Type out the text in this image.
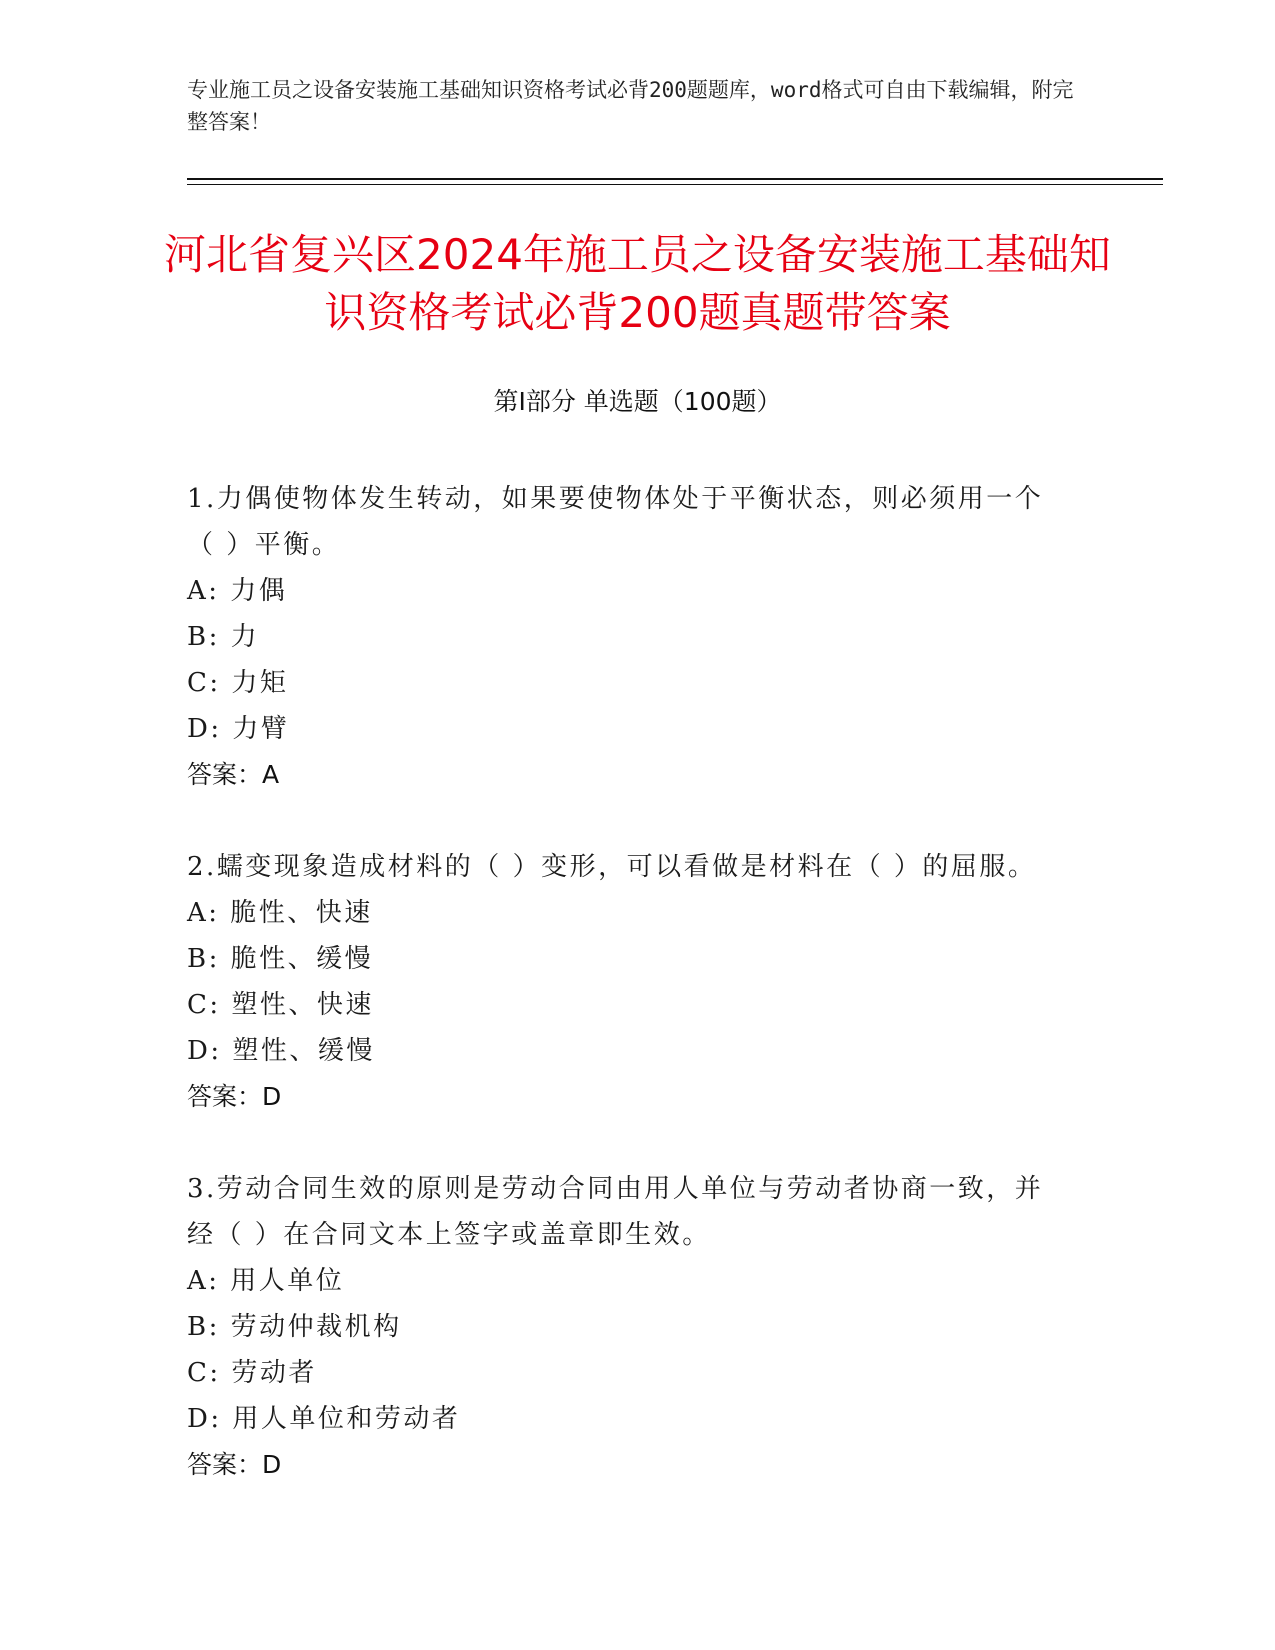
专业施工员之设备安装施工基础知识资格考试必背200题题库，word格式可自由下载编辑，附完整答案！
河北省复兴区2024年施工员之设备安装施工基础知识资格考试必背200题真题带答案
第Ⅰ部分 单选题（100题）

1.力偶使物体发生转动，如果要使物体处于平衡状态，则必须用一个（ ）平衡。

A: 力偶

B: 力

C: 力矩

D: 力臂

答案：A

2.蠕变现象造成材料的（ ）变形，可以看做是材料在（ ）的屈服。

A: 脆性、快速

B: 脆性、缓慢

C: 塑性、快速

D: 塑性、缓慢

答案：D

3.劳动合同生效的原则是劳动合同由用人单位与劳动者协商一致，并经（ ）在合同文本上签字或盖章即生效。

A: 用人单位

B: 劳动仲裁机构

C: 劳动者

D: 用人单位和劳动者

答案：D
